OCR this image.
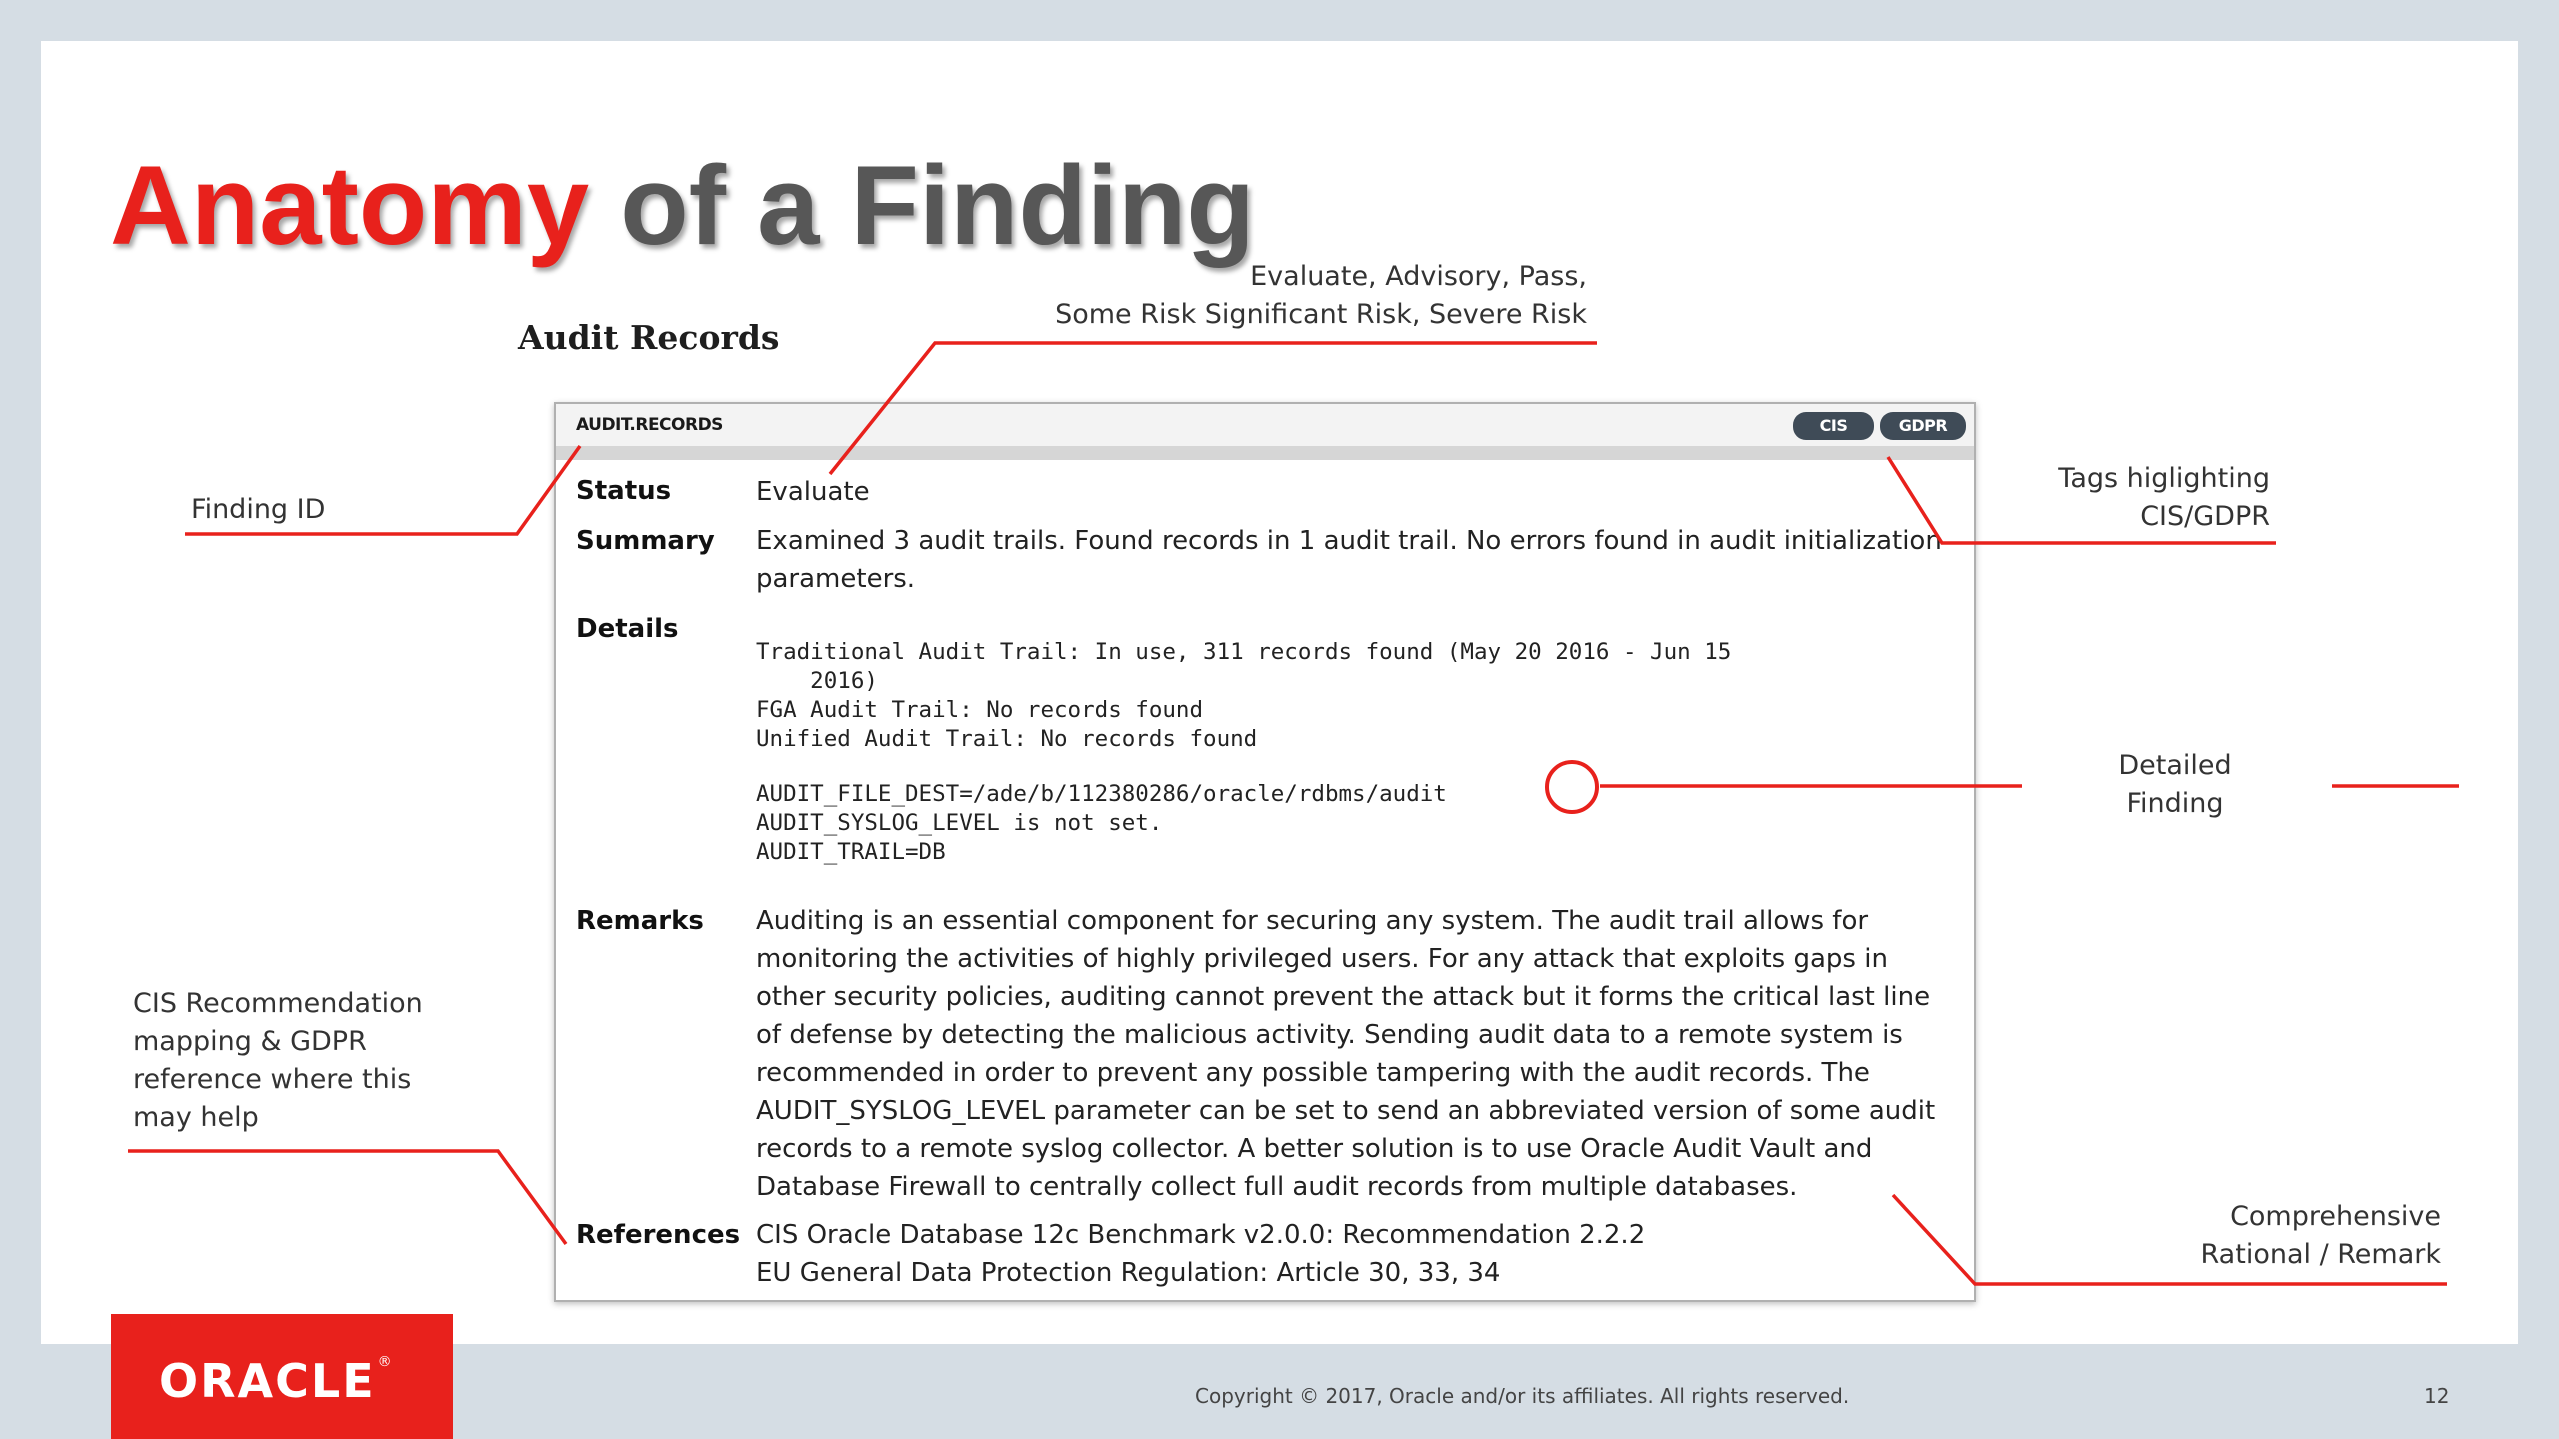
Anatomy of a Finding
Audit Records
Evaluate, Advisory, Pass,
Some Risk Significant Risk, Severe Risk
Finding ID
Tags higlighting
CIS/GDPR
Detailed
Finding
CIS Recommendation
mapping & GDPR
reference where this
may help
Comprehensive
Rational / Remark
AUDIT.RECORDS	CIS	GDPR
Status	Evaluate
Summary Examined 3 audit trails. Found records in 1 audit trail. No errors found in audit initialization parameters.
Details
Traditional Audit Trail: In use, 311 records found (May 20 2016 - Jun 15
2016)
FGA Audit Trail: No records found
Unified Audit Trail: No records found
AUDIT_FILE_DEST=/ade/b/112380286/oracle/rdbms/audit
AUDIT_SYSLOG_LEVEL is not set.
AUDIT_TRAIL=DB
Remarks Auditing is an essential component for securing any system. The audit trail allows for monitoring the activities of highly privileged users. For any attack that exploits gaps in other security policies, auditing cannot prevent the attack but it forms the critical last line of defense by detecting the malicious activity. Sending audit data to a remote system is recommended in order to prevent any possible tampering with the audit records. The AUDIT_SYSLOG_LEVEL parameter can be set to send an abbreviated version of some audit records to a remote syslog collector. A better solution is to use Oracle Audit Vault and Database Firewall to centrally collect full audit records from multiple databases.
References CIS Oracle Database 12c Benchmark v2.0.0: Recommendation 2.2.2
EU General Data Protection Regulation: Article 30, 33, 34
ORACLE ®
Copyright © 2017, Oracle and/or its affiliates. All rights reserved.	12
